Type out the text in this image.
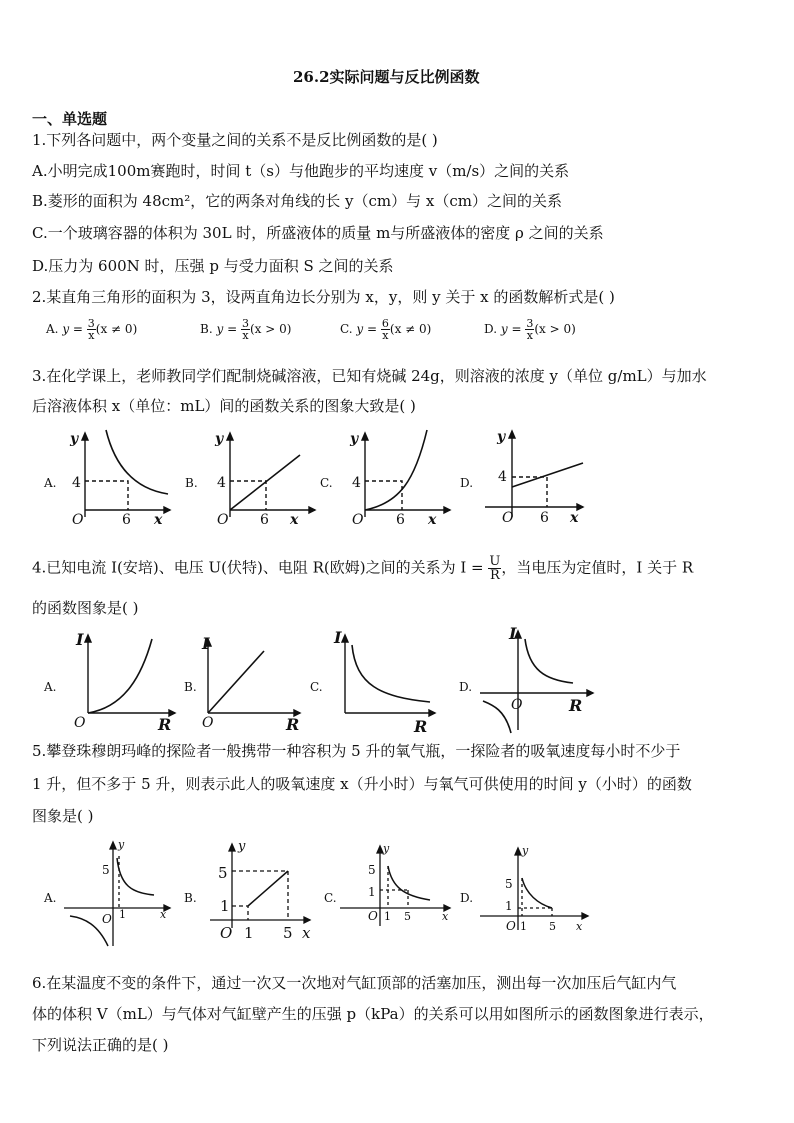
26.2实际问题与反比例函数
一、单选题
1.下列各问题中，两个变量之间的关系不是反比例函数的是( )
A.小明完成100m赛跑时，时间 t（s）与他跑步的平均速度 v（m/s）之间的关系
B.菱形的面积为 48cm²，它的两条对角线的长 y（cm）与 x（cm）之间的关系
C.一个玻璃容器的体积为 30L 时，所盛液体的质量 m与所盛液体的密度 ρ 之间的关系
D.压力为 600N 时，压强 p 与受力面积 S 之间的关系
2.某直角三角形的面积为 3，设两直角边长分别为 x，y，则 y 关于 x 的函数解析式是( )
A. $y = \frac{3}{x} (x \ne 0)$	B. $y = \frac{3}{x} (x > 0)$	C. $y = \frac{6}{x} (x \ne 0)$	D. $y = \frac{3}{x} (x > 0)$
3.在化学课上，老师教同学们配制烧碱溶液，已知有烧碱 24g，则溶液的浓度 y（单位 g/mL）与加水
后溶液体积 x（单位：mL）间的函数关系的图象大致是( )
A.
y
4
O	6 x
B.
y
4
O 6 x
C.
y
4
O 6 x
D.
y
4
O 6 x
4.已知电流 I(安培)、电压 U(伏特)、电阻 R(欧姆)之间的关系为 $I = \frac{U}{R}$ ，当电压为定值时，I 关于 R
的函数图象是( )
A.
I
O	R
B.
I
O	R
C.
I
R
D.
I
O	R
5.攀登珠穆朗玛峰的探险者一般携带一种容积为 5 升的氧气瓶，一探险者的吸氧速度每小时不少于
1 升，但不多于 5 升，则表示此人的吸氧速度 x（升小时）与氧气可供使用的时间 y（小时）的函数
图象是( )
A.
y
5
O 1	x
B.
y
5
1
O 1 5 x
C.
y
5
1
O 1 5	x
D.
y
5
1
O 1 5 x
6.在某温度不变的条件下，通过一次又一次地对气缸顶部的活塞加压，测出每一次加压后气缸内气
体的体积 V（mL）与气体对气缸壁产生的压强 p（kPa）的关系可以用如图所示的函数图象进行表示，
下列说法正确的是( )
